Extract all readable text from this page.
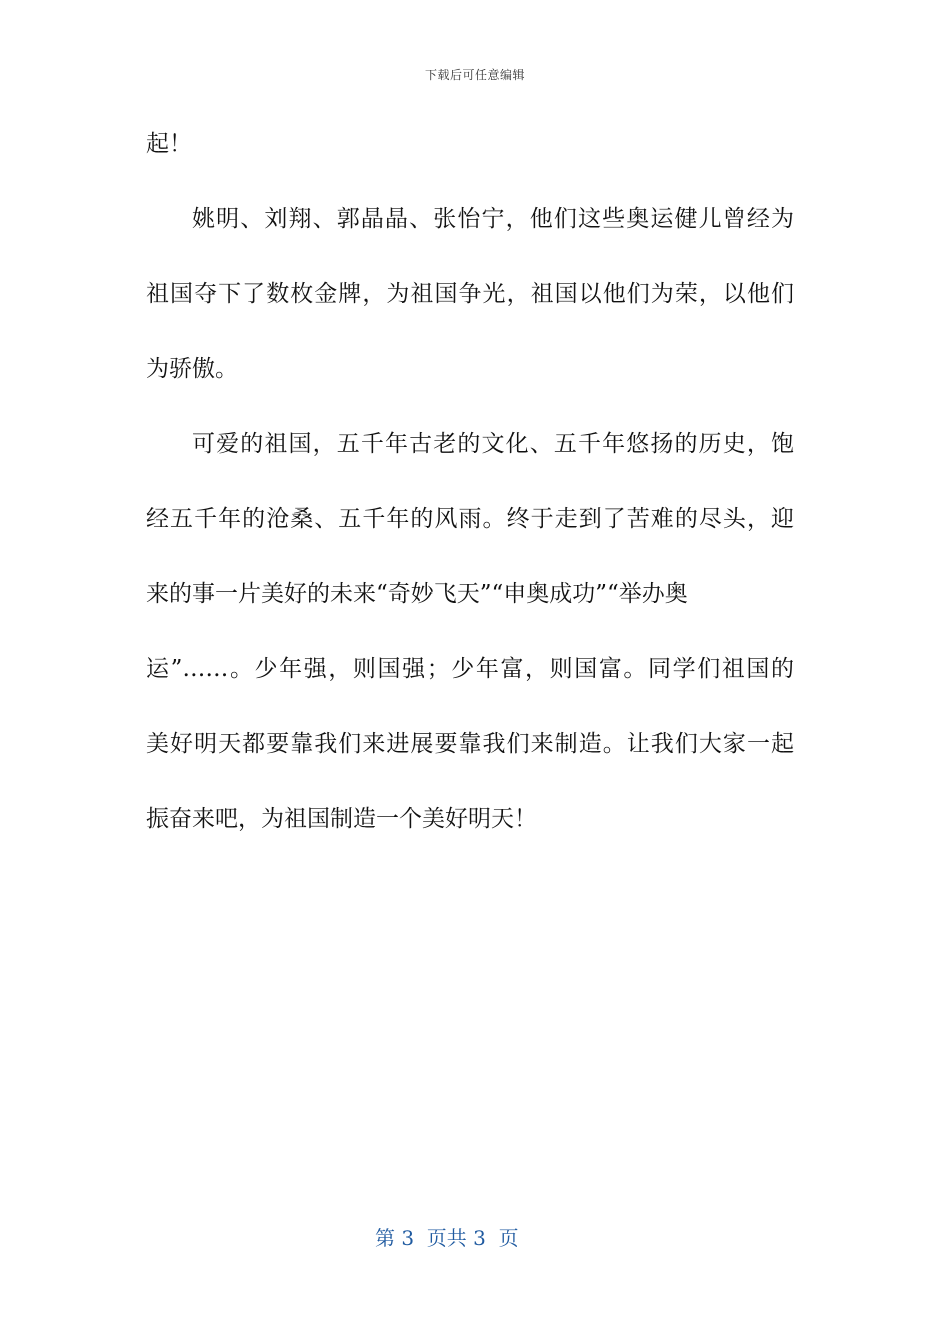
下载后可任意编辑
起！
姚明、刘翔、郭晶晶、张怡宁，他们这些奥运健儿曾经为
祖国夺下了数枚金牌，为祖国争光，祖国以他们为荣，以他们
为骄傲。
可爱的祖国，五千年古老的文化、五千年悠扬的历史，饱
经五千年的沧桑、五千年的风雨。终于走到了苦难的尽头，迎
来的事一片美好的未来“奇妙飞天”“申奥成功”“举办奥
运”……。少年强，则国强；少年富，则国富。同学们祖国的
美好明天都要靠我们来进展要靠我们来制造。让我们大家一起
振奋来吧，为祖国制造一个美好明天！
第 3  页共 3  页
